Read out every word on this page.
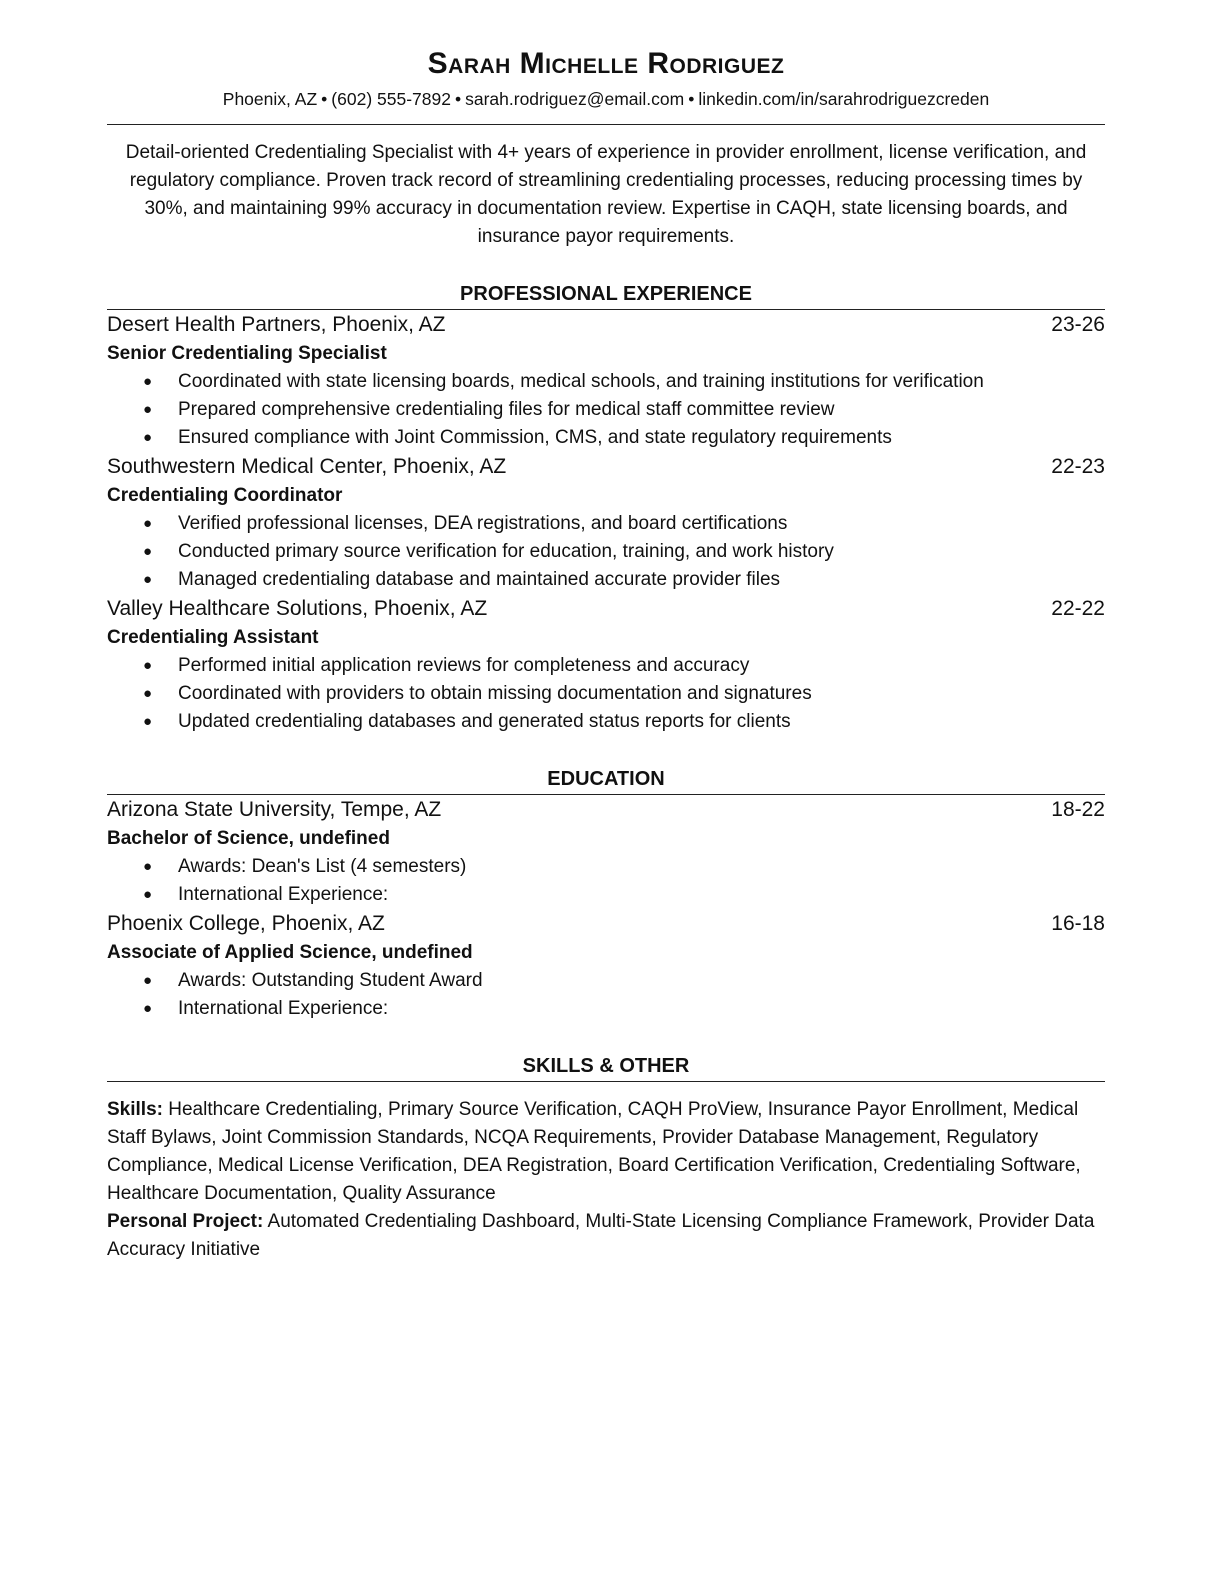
Sarah Michelle Rodriguez
Phoenix, AZ • (602) 555-7892 • sarah.rodriguez@email.com • linkedin.com/in/sarahrodriguezcreden
Detail-oriented Credentialing Specialist with 4+ years of experience in provider enrollment, license verification, and regulatory compliance. Proven track record of streamlining credentialing processes, reducing processing times by 30%, and maintaining 99% accuracy in documentation review. Expertise in CAQH, state licensing boards, and insurance payor requirements.
PROFESSIONAL EXPERIENCE
Desert Health Partners, Phoenix, AZ	23-26
Senior Credentialing Specialist
● Coordinated with state licensing boards, medical schools, and training institutions for verification
● Prepared comprehensive credentialing files for medical staff committee review
● Ensured compliance with Joint Commission, CMS, and state regulatory requirements
Southwestern Medical Center, Phoenix, AZ	22-23
Credentialing Coordinator
● Verified professional licenses, DEA registrations, and board certifications
● Conducted primary source verification for education, training, and work history
● Managed credentialing database and maintained accurate provider files
Valley Healthcare Solutions, Phoenix, AZ	22-22
Credentialing Assistant
● Performed initial application reviews for completeness and accuracy
● Coordinated with providers to obtain missing documentation and signatures
● Updated credentialing databases and generated status reports for clients
EDUCATION
Arizona State University, Tempe, AZ	18-22
Bachelor of Science, undefined
● Awards: Dean's List (4 semesters)
● International Experience:
Phoenix College, Phoenix, AZ	16-18
Associate of Applied Science, undefined
● Awards: Outstanding Student Award
● International Experience:
SKILLS & OTHER

Skills: Healthcare Credentialing, Primary Source Verification, CAQH ProView, Insurance Payor Enrollment, Medical Staff Bylaws, Joint Commission Standards, NCQA Requirements, Provider Database Management, Regulatory Compliance, Medical License Verification, DEA Registration, Board Certification Verification, Credentialing Software, Healthcare Documentation, Quality Assurance

Personal Project: Automated Credentialing Dashboard, Multi-State Licensing Compliance Framework, Provider Data Accuracy Initiative
